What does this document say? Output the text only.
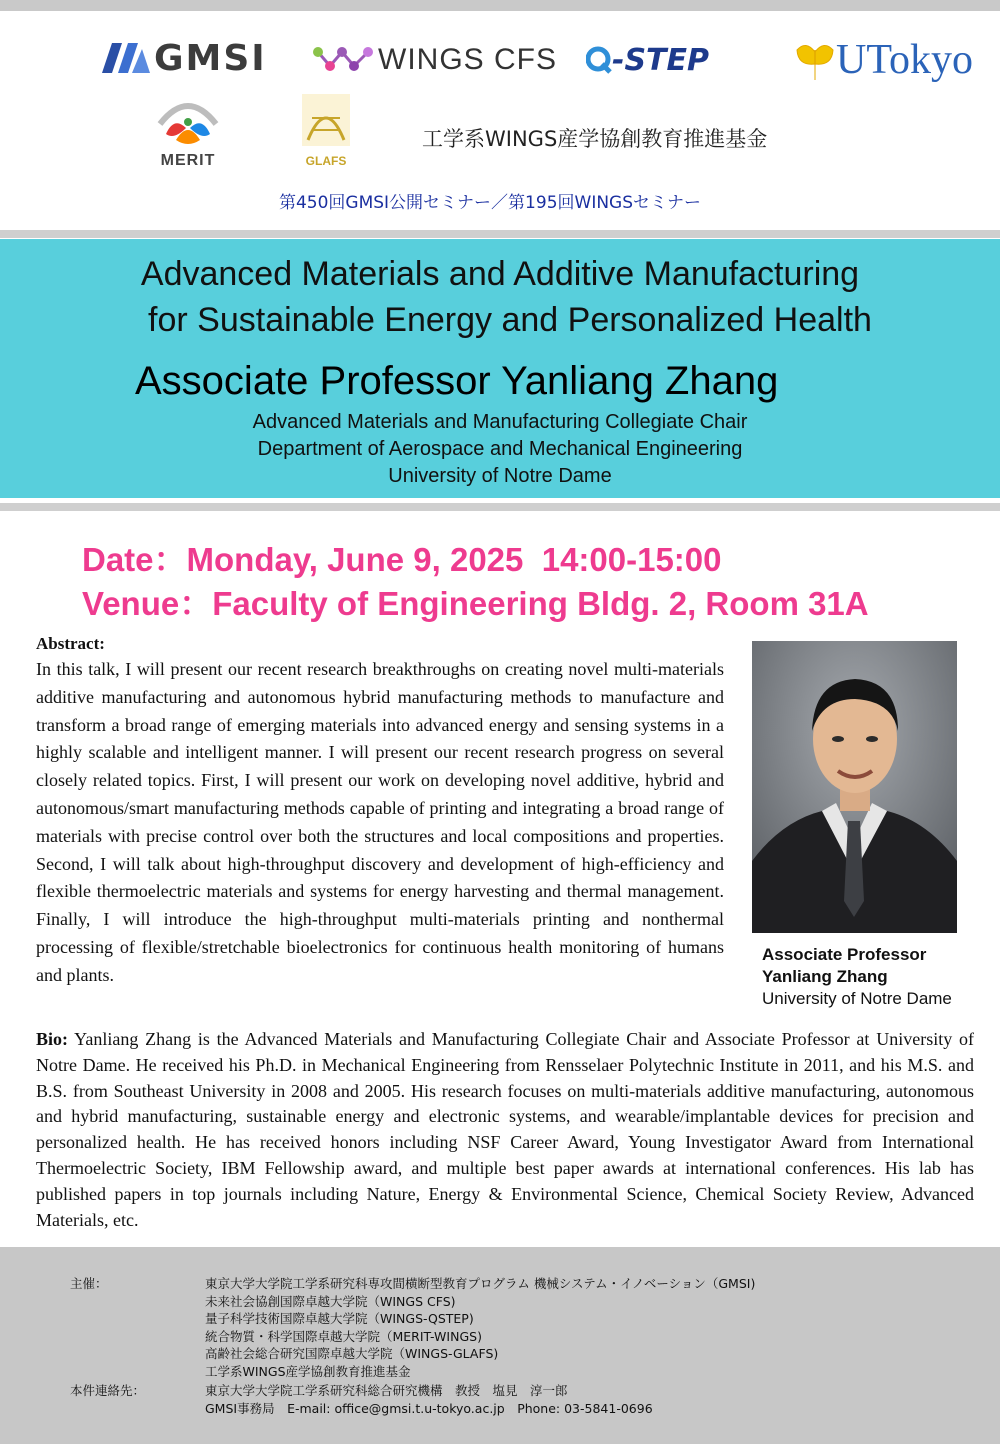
GMSI	WINGS CFS -STEP	UTokyo
MERIT	GLAFS
工学系WINGS産学協創教育推進基金
第450回GMSI公開セミナー／第195回WINGSセミナー
Advanced Materials and Additive Manufacturing
for Sustainable Energy and Personalized Health
Associate Professor Yanliang Zhang
Advanced Materials and Manufacturing Collegiate Chair
Department of Aerospace and Mechanical Engineering
University of Notre Dame
Date：Monday, June 9, 2025  14:00-15:00
Venue：Faculty of Engineering Bldg. 2, Room 31A
Abstract:
In this talk, I will present our recent research breakthroughs on creating novel multi-materials additive manufacturing and autonomous hybrid manufacturing methods to manufacture and transform a broad range of emerging materials into advanced energy and sensing systems in a highly scalable and intelligent manner. I will present our recent research progress on several closely related topics. First, I will present our work on developing novel additive, hybrid and autonomous/smart manufacturing methods capable of printing and integrating a broad range of materials with precise control over both the structures and local compositions and properties. Second, I will talk about high-throughput discovery and development of high-efficiency and flexible thermoelectric materials and systems for energy harvesting and thermal management. Finally, I will introduce the high-throughput multi-materials printing and nonthermal processing of flexible/stretchable bioelectronics for continuous health monitoring of humans and plants.
Associate Professor
Yanliang Zhang
University of Notre Dame
Bio: Yanliang Zhang is the Advanced Materials and Manufacturing Collegiate Chair and Associate Professor at University of Notre Dame. He received his Ph.D. in Mechanical Engineering from Rensselaer Polytechnic Institute in 2011, and his M.S. and B.S. from Southeast University in 2008 and 2005. His research focuses on multi-materials additive manufacturing, autonomous and hybrid manufacturing, sustainable energy and electronic systems, and wearable/implantable devices for precision and personalized health. He has received honors including NSF Career Award, Young Investigator Award from International Thermoelectric Society, IBM Fellowship award, and multiple best paper awards at international conferences. His lab has published papers in top journals including Nature, Energy & Environmental Science, Chemical Society Review, Advanced Materials, etc.
主催：	東京大学大学院工学系研究科専攻間横断型教育プログラム 機械システム・イノベーション（GMSI)
未来社会協創国際卓越大学院（WINGS CFS)
量子科学技術国際卓越大学院（WINGS-QSTEP)
統合物質・科学国際卓越大学院（MERIT-WINGS)
高齢社会総合研究国際卓越大学院（WINGS-GLAFS)
工学系WINGS産学協創教育推進基金
本件連絡先：	東京大学大学院工学系研究科総合研究機構　教授　塩見　淳一郎
GMSI事務局　E-mail: office@gmsi.t.u-tokyo.ac.jp　Phone: 03-5841-0696
